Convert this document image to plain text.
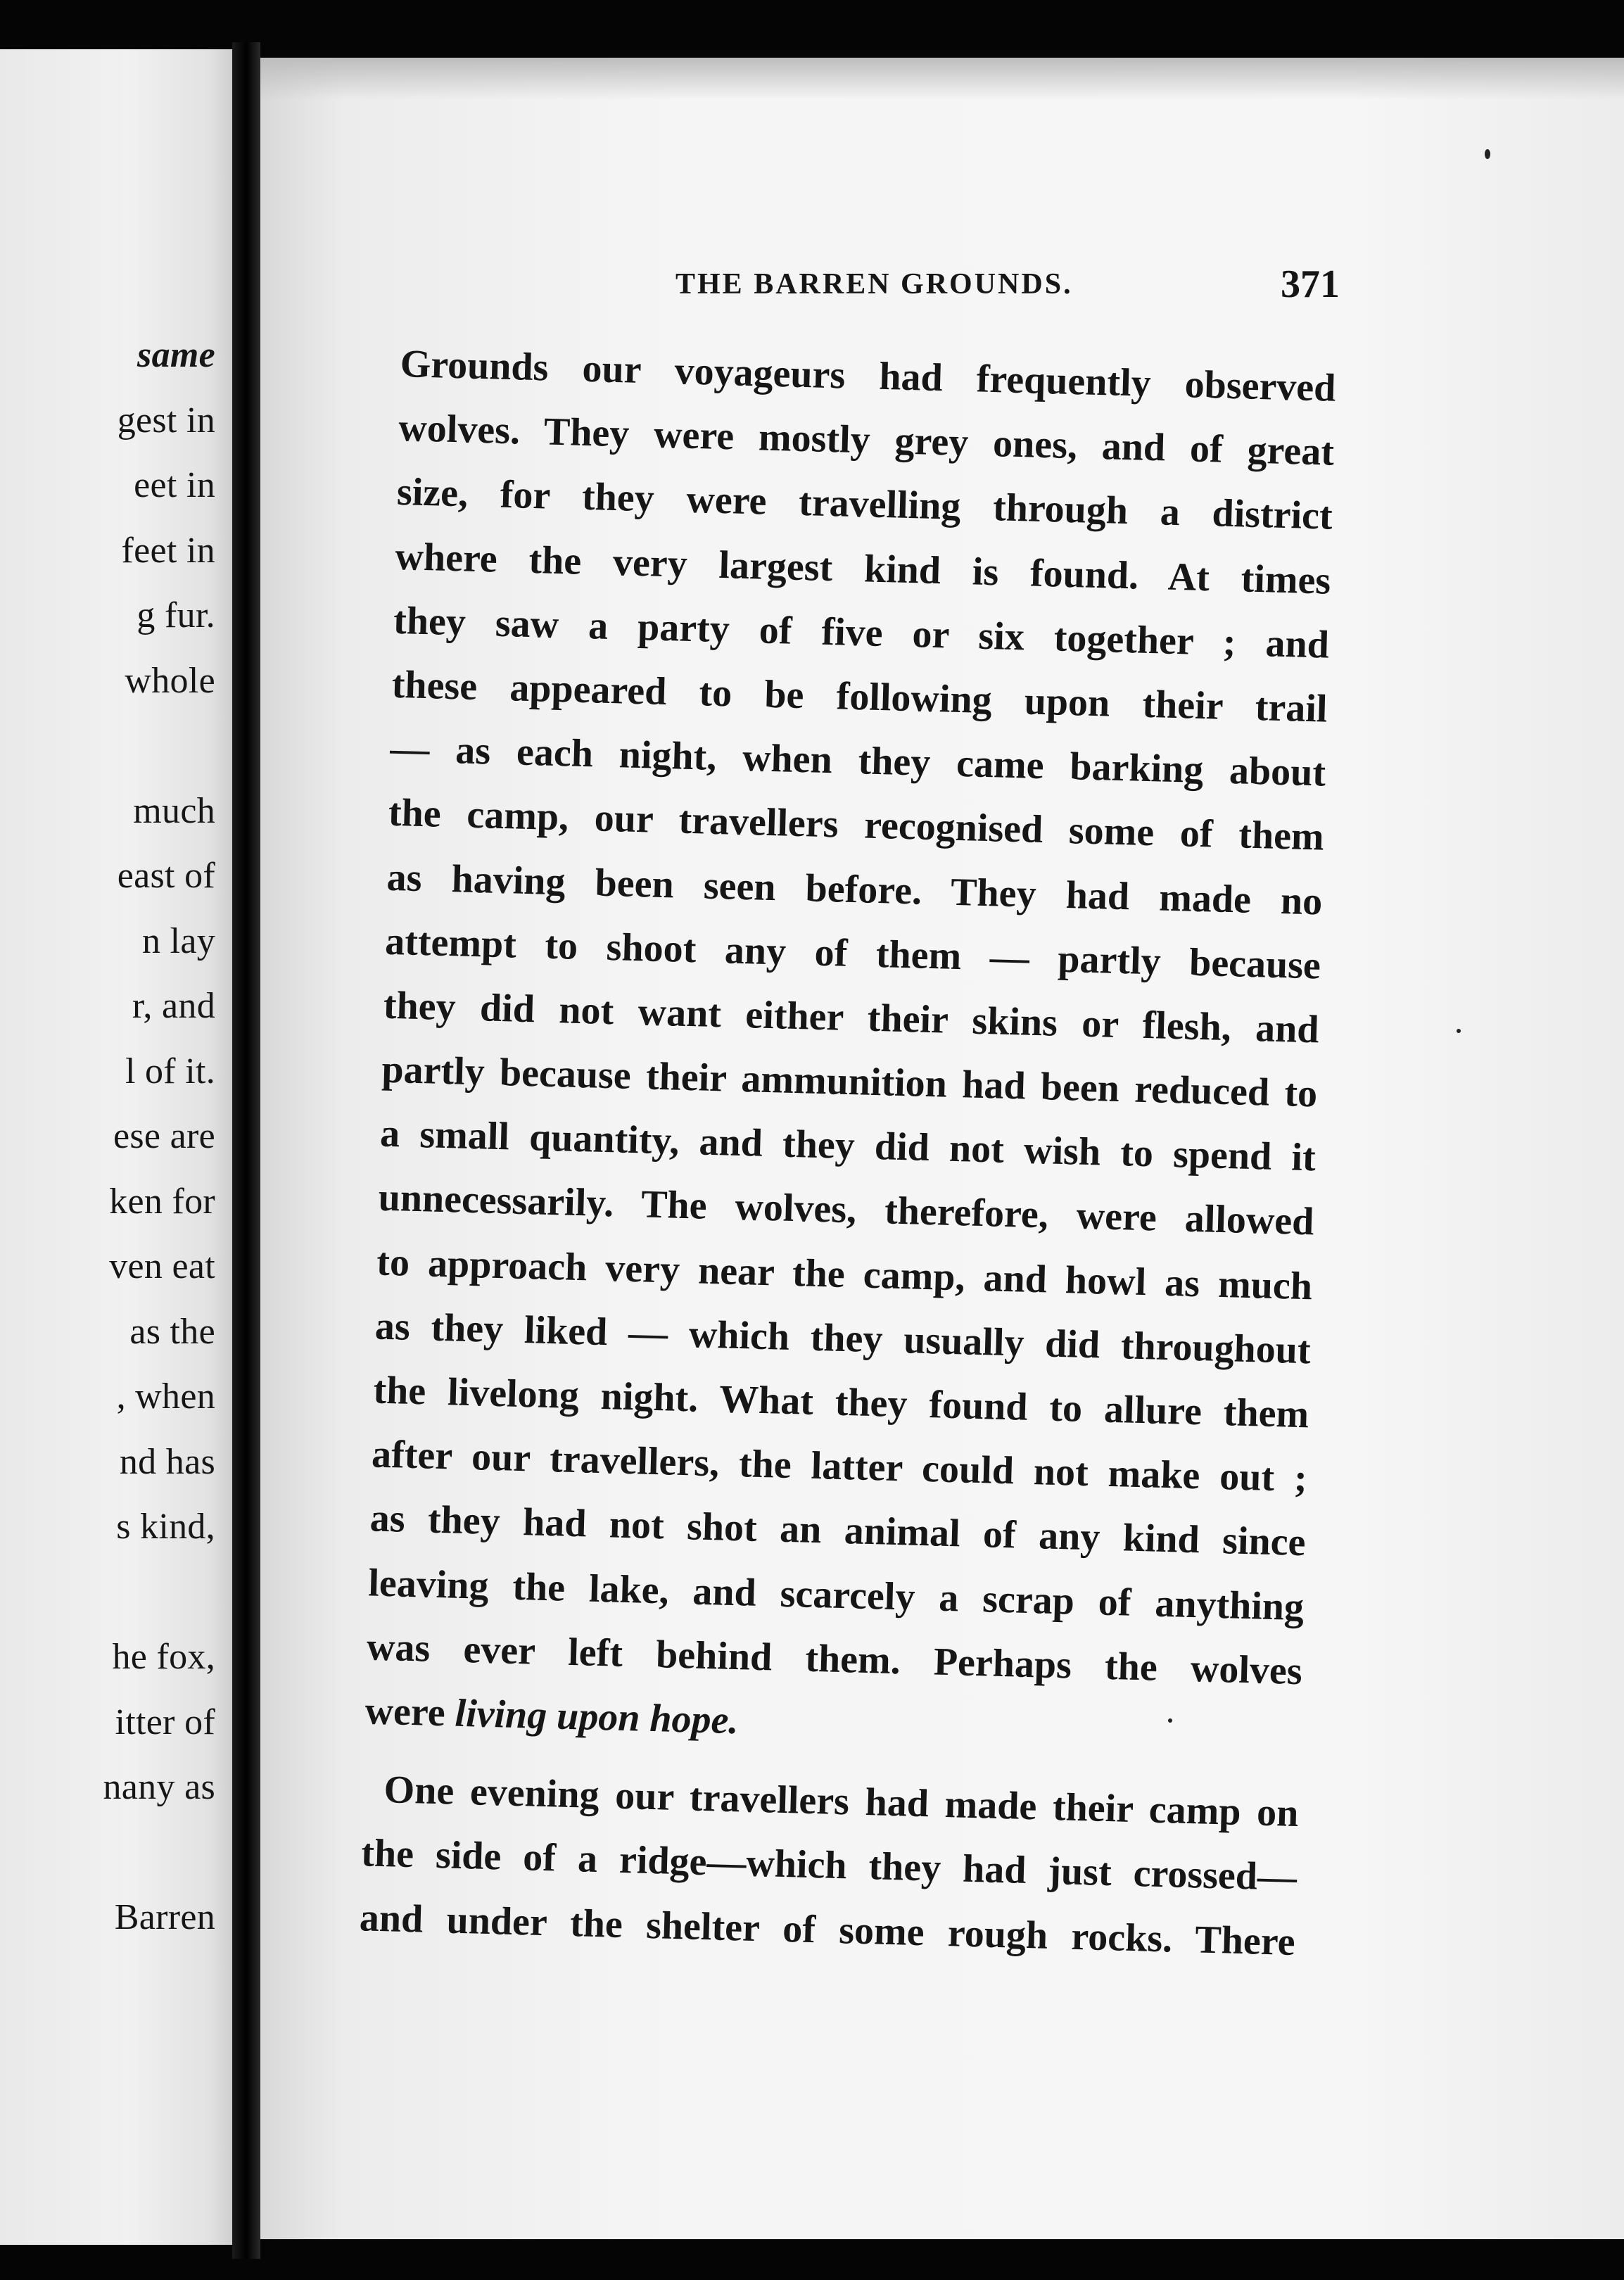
same
gest in
eet in
feet in
g fur.
whole
much
east of
n lay
r, and
l of it.
ese are
ken for
ven eat
as the
, when
nd has
s kind,
he fox,
itter of
nany as
Barren
THE BARREN GROUNDS.	371
Grounds our voyageurs had frequently observed
wolves. They were mostly grey ones, and of great
size, for they were travelling through a district
where the very largest kind is found. At times
they saw a party of five or six together ; and
these appeared to be following upon their trail
— as each night, when they came barking about
the camp, our travellers recognised some of them
as having been seen before. They had made no
attempt to shoot any of them — partly because
they did not want either their skins or flesh, and
partly because their ammunition had been reduced to
a small quantity, and they did not wish to spend it
unnecessarily. The wolves, therefore, were allowed
to approach very near the camp, and howl as much
as they liked — which they usually did throughout
the livelong night. What they found to allure them
after our travellers, the latter could not make out ;
as they had not shot an animal of any kind since
leaving the lake, and scarcely a scrap of anything
was ever left behind them. Perhaps the wolves
were living upon hope.
One evening our travellers had made their camp on
the side of a ridge—which they had just crossed—
and under the shelter of some rough rocks. There
